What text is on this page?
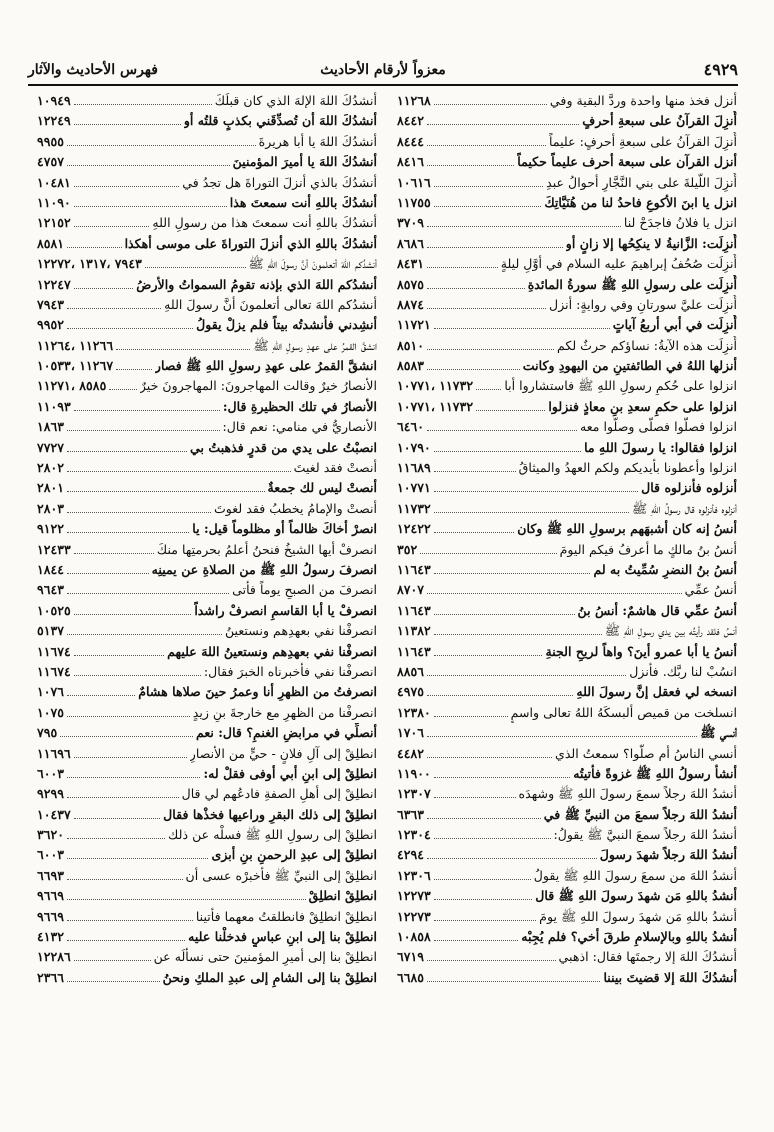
٤٩٢٩
معزواً لأرقام الأحاديث
فهرس الأحاديث والآثار
أنزل فخذ منها واحدة وردَّ البقية وفي
١١٢٦٨
أُنزِلَ القرآنُ على سبعةِ أحرفٍ
٨٤٤٢
أُنزِلَ القرآنُ على سبعةِ أحرفٍ: عليماً
٨٤٤٤
أنزل القرآن على سبعة أحرف عليماً حكيماً
٨٤١٦
أُنزِلَ اللَّيلةَ على بني النَّجَّارِ أحوالُ عبدِ
١٠٦١٦
انزل يا ابنَ الأكوعِ فاحدُ لنا من هُنَيَّاتِكَ
١١٧٥٥
انزل يا فلانُ فاجدَحْ لنا
٣٧٠٩
أُنزِلَت: الزَّانيةُ لا ينكِحُها إلا زانٍ أو
٨٦٨٦
أُنزِلَت صُحُفُ إبراهيمَ عليه السلام في أوَّلِ ليلةٍ
٨٤٣١
أُنزِلَت على رسولِ اللهِ ﷺ سورةُ المائدةِ
٨٥٧٥
أُنزِلَت عليَّ سورتانِ وفي روايةٍ: أنزل
٨٨٧٤
أُنزِلَت في أبي أربعُ آياتٍ
١١٧٢١
أُنزِلَت هذه الآيةُ: نساؤكم حرثٌ لكم
٨٥١٠
أنزلها اللهُ في الطائفتينِ من اليهودِ وكانت
٨٥٨٣
انزلوا على حُكمِ رسولِ اللهِ ﷺ فاستشاروا أبا
١١٧٣٢ ،١٠٧٧١
انزلوا على حكمِ سعدِ بنِ معاذٍ فنزلوا
١١٧٣٢ ،١٠٧٧١
انزلوا فصلُّوا فصلَّى وصلَّوا معه
٦٤٦٠
انزلوا فقالوا: يا رسولَ اللهِ ما
١٠٧٩٠
انزلوا وأعطونا بأيديكم ولكم العهدُ والميثاقُ
١١٦٨٩
أنزلوه فأنزلوه قال
١٠٧٧١
أنزلوه فأنزلوه قال رسولُ اللهِ ﷺ
١١٧٣٢
أنسُ إنه كان أشبهَهم برسولِ اللهِ ﷺ وكان
١٢٤٢٢
أنسُ بنُ مالكٍ ما أعرفُ فيكم اليومَ
٣٥٢
أنسُ بنُ النضرِ سُمِّيتُ به لم
١١٦٤٣
أنسُ عمِّي
٨٧٠٧
أنسُ عمِّي قال هاشمٌ: أنسُ بنُ
١١٦٤٣
أنسُ فلقد رأيتُه بين يدي رسولِ اللهِ ﷺ
١١٣٨٢
أنسُ يا أبا عمرو أينَ؟ واهاً لريحِ الجنةِ
١١٦٤٣
انسُبْ لنا ربَّك. فأنزل
٨٨٥٦
انسخه لي فعقل إنَّ رسولَ اللهِ
٤٩٧٥
انسلخت من قميص ألبسكَهُ اللهُ تعالى واسمٍ
١٢٣٨٠
أنسي ﷺ
١٧٠٦
أنسي الناسُ أم صلَّوا؟ سمعتُ الذي
٤٤٨٢
أنشأ رسولُ اللهِ ﷺ غزوةً فأتيتُه
١١٩٠٠
أنشدُ اللهَ رجلاً سمعَ رسولَ اللهِ ﷺ وشهدَه
١٢٣٠٧
أنشدُ اللهَ رجلاً سمعَ من النبيِّ ﷺ في
٦٣٦٣
أنشدُ اللهَ رجلاً سمعَ النبيَّ ﷺ يقولُ:
١٢٣٠٤
أنشدُ اللهَ رجلاً شهدَ رسولَ
٤٢٩٤
أنشدُ اللهَ من سمعَ رسولَ اللهِ ﷺ يقولُ
١٢٣٠٦
أنشدُ باللهِ مَن شهدَ رسولَ اللهِ ﷺ قال
١٢٢٧٣
أنشدُ باللهِ مَن شهدَ رسولَ اللهِ ﷺ يومَ
١٢٢٧٣
أنشدُ باللهِ وبالإسلامِ طرقَ أخي؟ فلم يُجِبْه
١٠٨٥٨
أنشدُكَ اللهَ إلا رجمتَها فقال: اذهبي
٦٧١٩
أنشدُكَ اللهَ إلا قضيتَ بيننا
٦٦٨٥
أنشدُكَ اللهَ الإلهَ الذي كان قبلَكَ
١٠٩٤٩
أنشدُكَ اللهَ أن تُصدِّقَني بكذبٍ قلتُه أو
١٢٢٤٩
أنشدُكَ اللهَ يا أبا هريرةَ
٩٩٥٥
أنشدُكَ اللهَ يا أميرَ المؤمنينَ
٤٧٥٧
أنشدُكَ بالذي أنزلَ التوراةَ هل تجدُ في
١٠٤٨١
أنشدُكَ باللهِ أنت سمعتَ هذا
١١٠٩٠
أنشدُكَ باللهِ أنت سمعتَ هذا من رسولِ اللهِ
١٢١٥٢
أنشدُكَ باللهِ الذي أنزلَ التوراةَ على موسى أهكذا
٨٥٨١
أنشدُكم اللهَ أتعلمونَ أنَّ رسولَ اللهِ ﷺ
٧٩٤٣ ،١٣١٧ ،١٢٢٧٢
أنشدُكم اللهَ الذي بإذنه تقومُ السمواتُ والأرضُ
١٢٢٤٧
أنشدُكم اللهَ تعالى أتعلمونَ أنَّ رسولَ اللهِ
٧٩٤٣
أنشِدني فأنشدتُه بيتاً فلم يزلْ يقولُ
٩٩٥٢
انشقَّ القمرُ على عهدِ رسولِ اللهِ ﷺ
١١٢٦٦ ،١١٢٦٤
انشقَّ القمرُ على عهدِ رسولِ اللهِ ﷺ فصار
١١٢٦٧ ،١٠٥٣٣
الأنصارُ خيرٌ وقالت المهاجرونَ: المهاجرونَ خيرٌ
٨٥٨٥ ،١١٢٧١
الأنصارُ في تلك الحظيرةِ قال:
١١٠٩٣
الأنصاريُّ في منامي: نعم قال:
١٨٦٣
انصبْتُ على يدي من قدرٍ فذهبتُ بي
٧٧٢٧
أنصتْ فقد لغيتَ
٢٨٠٢
أنصتْ ليس لك جمعةٌ
٢٨٠١
أنصتْ والإمامُ يخطبُ فقد لغوتَ
٢٨٠٣
انصرْ أخاكَ ظالماً أو مظلوماً قيل: يا
٩١٢٢
انصرفْ أيها الشيخُ فنحنُ أعلمُ بحرمتِها منكَ
١٢٤٣٣
انصرفَ رسولُ اللهِ ﷺ من الصلاةِ عن يمينِه
١٨٤٤
انصرفَ من الصبحِ يوماً فأتى
٩٦٤٣
انصرفْ يا أبا القاسمِ انصرفْ راشداً
١٠٥٢٥
انصرفْنا نفي بعهدِهم ونستعينُ
٥١٣٧
انصرفْنا نفي بعهدِهم ونستعينُ اللهَ عليهم
١١٦٧٤
انصرفْنا نفي فأخبرناه الخبرَ فقال:
١١٦٧٤
انصرفتُ من الظهرِ أنا وعمرُ حينَ صلاها هشامٌ
١٠٧٦
انصرفْنا من الظهرِ مع خارجةَ بنِ زيدٍ
١٠٧٥
أنصلِّي في مرابضِ الغنمِ؟ قال: نعم
٧٩٥
انطلِقْ إلى آلِ فلانٍ - حيٍّ من الأنصارِ
١١٦٩٦
انطلِقْ إلى ابنِ أبي أوفى فقلْ له:
٦٠٠٣
انطلِقْ إلى أهلِ الصفةِ فادعُهم لي قال
٩٢٩٩
انطلِقْ إلى ذلك البقرِ وراعيها فخذْها فقال
١٠٤٣٧
انطلِقْ إلى رسولِ اللهِ ﷺ فسلْه عن ذلك
٣٦٢٠
انطلِقْ إلى عبدِ الرحمنِ بنِ أبزى
٦٠٠٣
انطلِقْ إلى النبيِّ ﷺ فأخبرْه عسى أن
٦٦٩٣
انطلِقْ انطلِقْ
٩٦٦٩
انطلِقْ انطلِقْ فانطلقتُ معهما فأتينا
٩٦٦٩
انطلِقْ بنا إلى ابنِ عباسٍ فدخلْنا عليه
٤١٣٢
انطلِقْ بنا إلى أميرِ المؤمنينَ حتى نسألَه عن
١٢٢٨٦
انطلِقْ بنا إلى الشامِ إلى عبدِ الملكِ ونحنُ
٢٣٦٦
